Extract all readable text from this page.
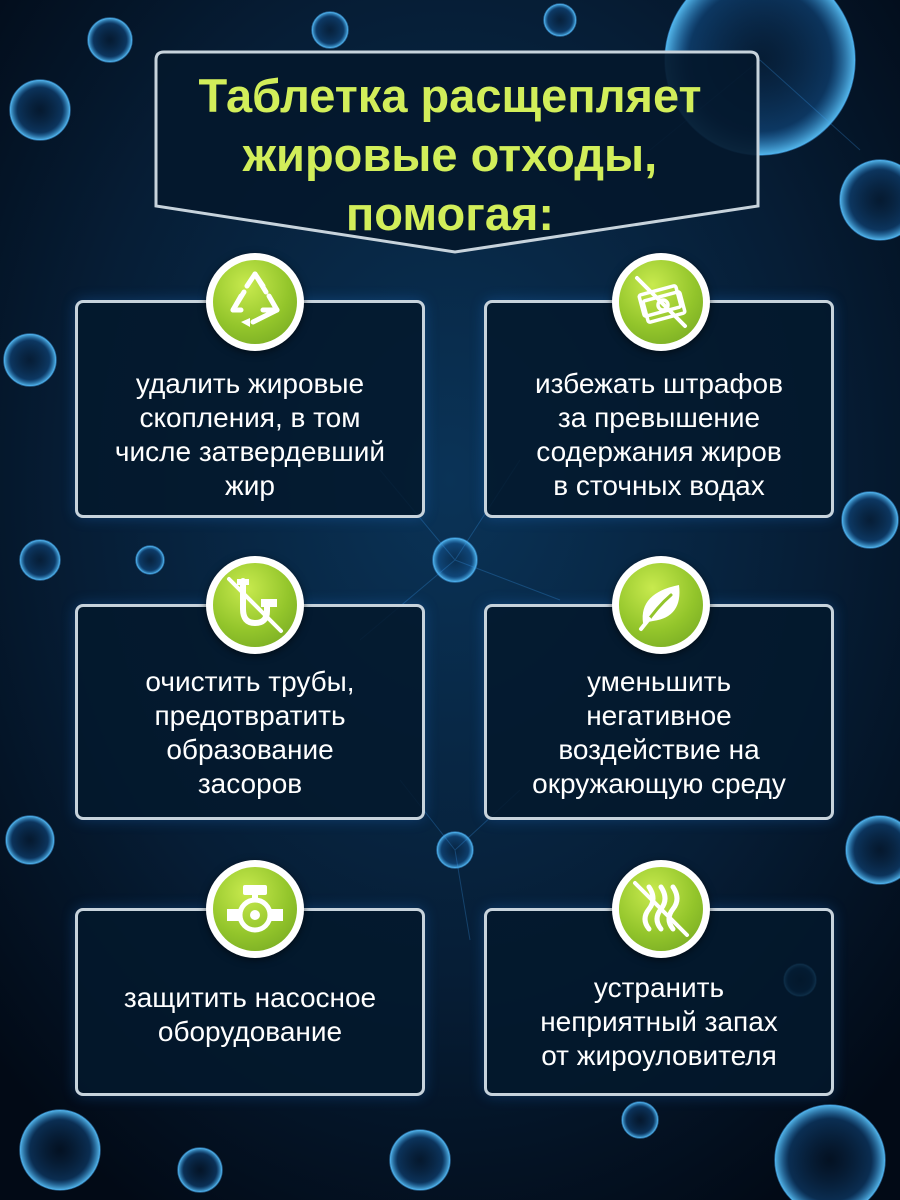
Таблетка расщепляет
жировые отходы,
помогая:
удалить жировые
скопления, в том
числе затвердевший
жир
избежать штрафов
за превышение
содержания жиров
в сточных водах
очистить трубы,
предотвратить
образование
засоров
уменьшить
негативное
воздействие на
окружающую среду
защитить насосное
оборудование
устранить
неприятный запах
от жироуловителя
